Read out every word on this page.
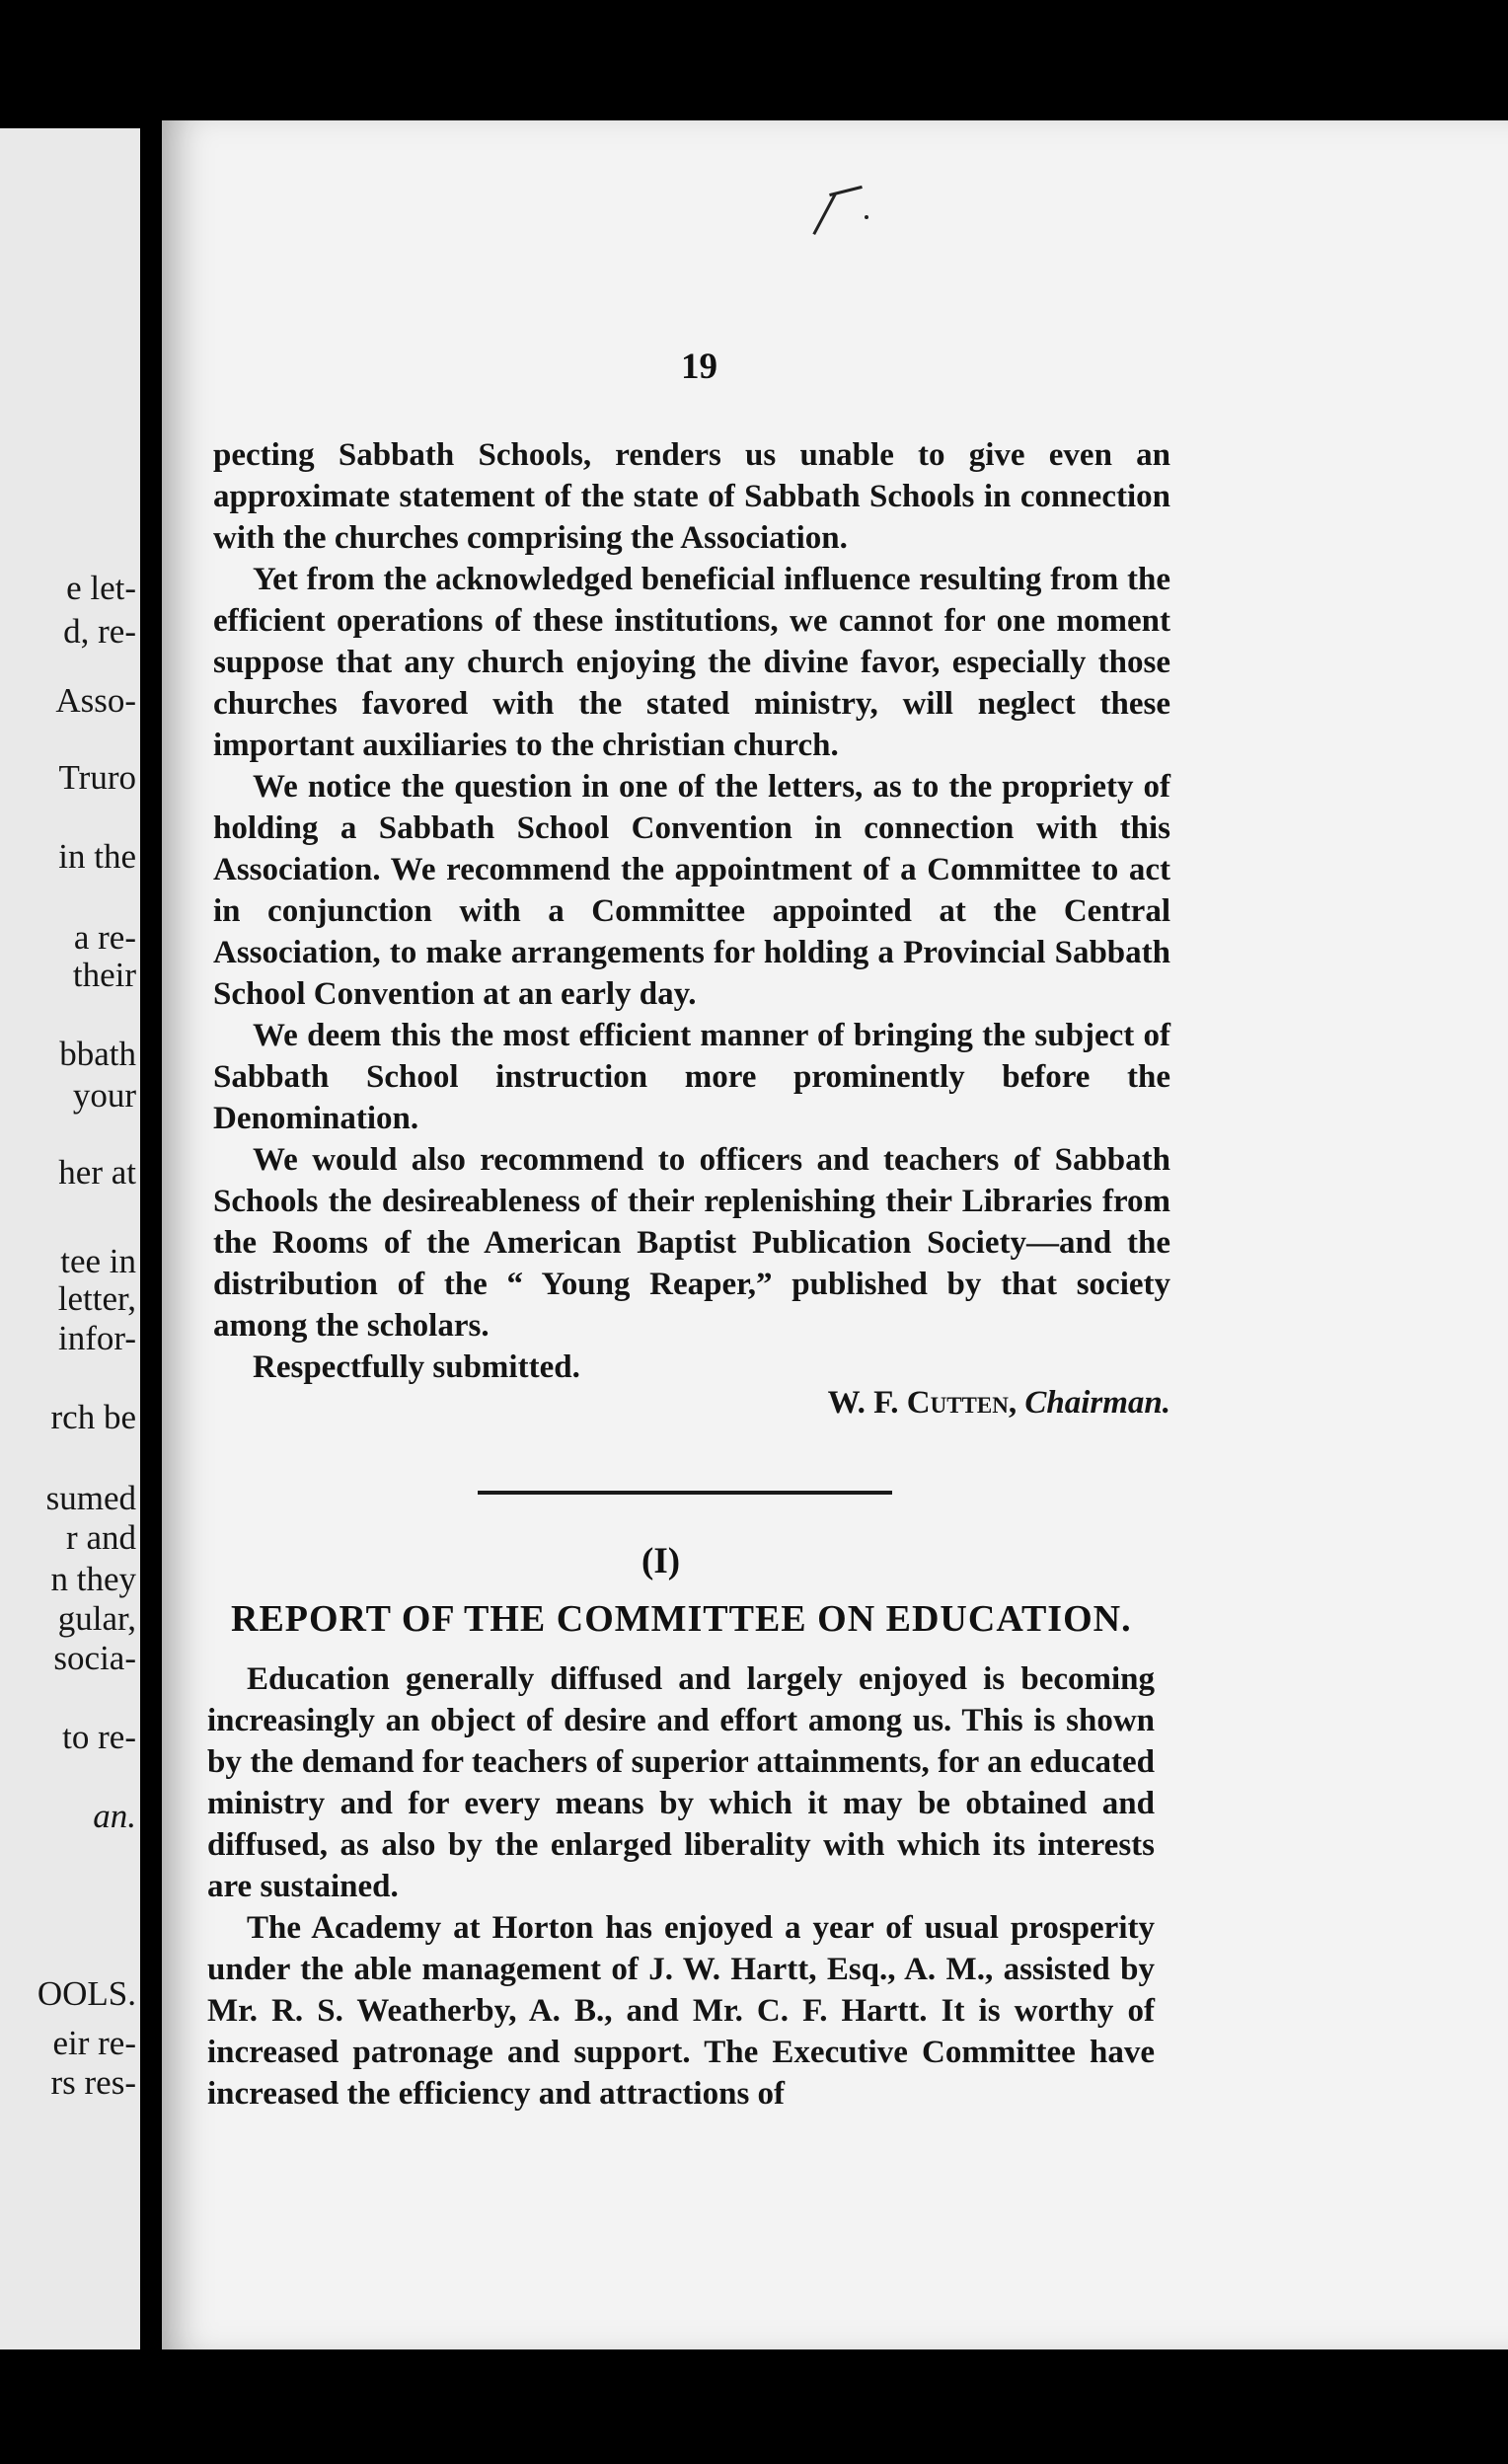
e let-
d, re-
Asso-
Truro
in the
a re-
their
bbath
your
her at
tee in
letter,
infor-
rch be
sumed
r and
n they
gular,
socia-
to re-
an.
OOLS.
eir re-
rs res-
19

pecting Sabbath Schools, renders us unable to give even an approximate statement of the state of Sabbath Schools in connection with the churches comprising the Association.

Yet from the acknowledged beneficial influence resulting from the efficient operations of these institutions, we cannot for one moment suppose that any church enjoying the divine favor, especially those churches favored with the stated ministry, will neglect these important auxiliaries to the christian church.

We notice the question in one of the letters, as to the propriety of holding a Sabbath School Convention in connection with this Association. We recommend the appointment of a Committee to act in conjunction with a Committee appointed at the Central Association, to make arrangements for holding a Provincial Sabbath School Convention at an early day.

We deem this the most efficient manner of bringing the subject of Sabbath School instruction more prominently before the Denomination.

We would also recommend to officers and teachers of Sabbath Schools the desireableness of their replenishing their Libraries from the Rooms of the American Baptist Publication Society—and the distribution of the “ Young Reaper,” published by that society among the scholars.

Respectfully submitted.

W. F. Cutten,
Chairman.
(I)
REPORT OF THE COMMITTEE ON EDUCATION.

Education generally diffused and largely enjoyed is becoming increasingly an object of desire and effort among us. This is shown by the demand for teachers of superior attainments, for an educated ministry and for every means by which it may be obtained and diffused, as also by the enlarged liberality with which its interests are sustained.

The Academy at Horton has enjoyed a year of usual prosperity under the able management of J. W. Hartt, Esq., A. M., assisted by Mr. R. S. Weatherby, A. B., and Mr. C. F. Hartt. It is worthy of increased patronage and support. The Executive Committee have increased the efficiency and attractions of
